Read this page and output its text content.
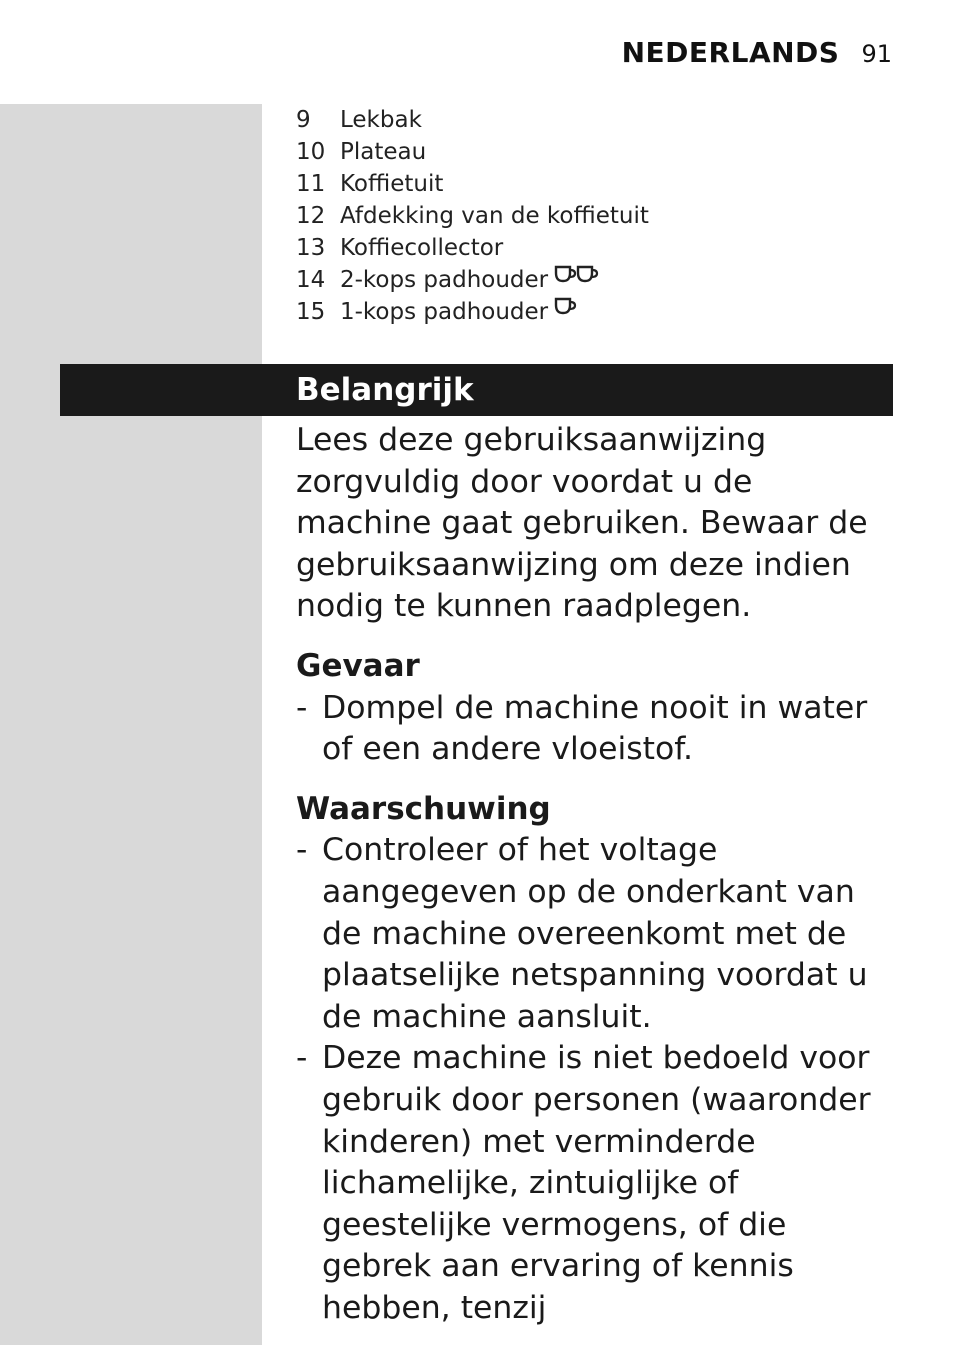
NEDERLANDS 91
9	Lekbak
10 Plateau
11 Koffietuit
12 Afdekking van de koffietuit
13 Koffiecollector
14 2-kops padhouder
15 1-kops padhouder
Belangrijk

Lees deze gebruiksaanwijzing zorgvuldig door voordat u de machine gaat gebruiken. Bewaar de gebruiksaanwijzing om deze indien nodig te kunnen raadplegen.

Gevaar
- Dompel de machine nooit in water of een andere vloeistof.
Waarschuwing
- Controleer of het voltage aangegeven op de onderkant van de machine overeenkomt met de plaatselijke netspanning voordat u de machine aansluit.
- Deze machine is niet bedoeld voor gebruik door personen (waaronder kinderen) met verminderde lichamelijke, zintuiglijke of geestelijke vermogens, of die gebrek aan ervaring of kennis hebben, tenzij
